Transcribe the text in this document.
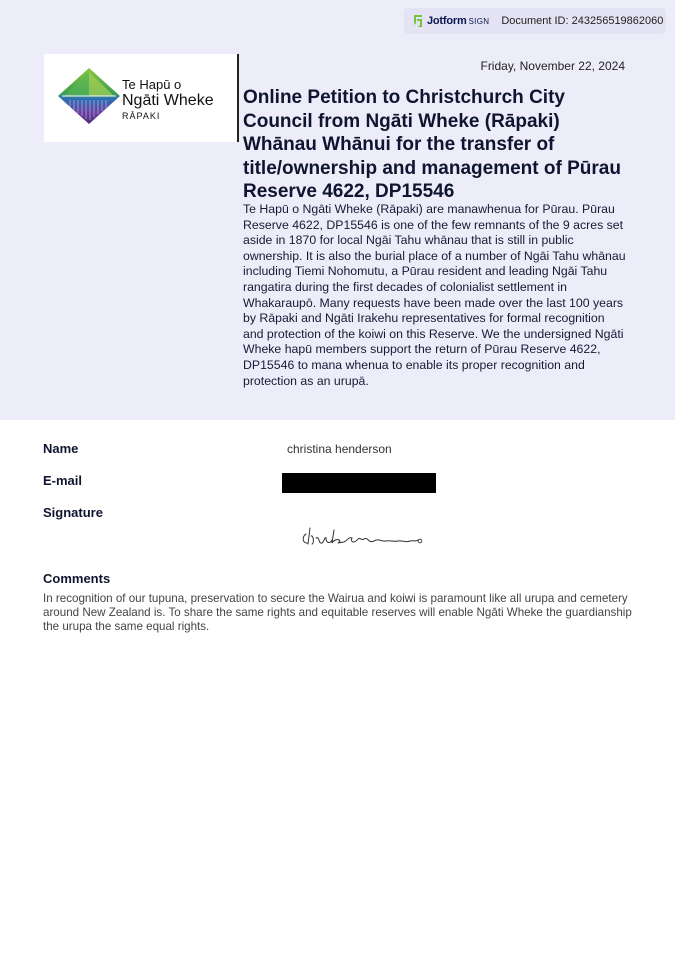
Jotform SIGN Document ID: 243256519862060
Te Hapū o
Ngāti Wheke
RĀPAKI
Friday, November 22, 2024
Online Petition to Christchurch City Council from Ngāti Wheke (Rāpaki) Whānau Whānui for the transfer of title/ownership and management of Pūrau Reserve 4622, DP15546

Te Hapū o Ngāti Wheke (Rāpaki) are manawhenua for Pūrau. Pūrau Reserve 4622, DP15546 is one of the few remnants of the 9 acres set aside in 1870 for local Ngāi Tahu whānau that is still in public ownership. It is also the burial place of a number of Ngāi Tahu whānau including Tiemi Nohomutu, a Pūrau resident and leading Ngāi Tahu rangatira during the first decades of colonialist settlement in Whakaraupō. Many requests have been made over the last 100 years by Rāpaki and Ngāti Irakehu representatives for formal recognition and protection of the koiwi on this Reserve. We the undersigned Ngāti Wheke hapū members support the return of Pūrau Reserve 4622, DP15546 to mana whenua to enable its proper recognition and protection as an urupā.

Name	christina henderson
E-mail
Signature
Comments

In recognition of our tupuna, preservation to secure the Wairua and koiwi is paramount like all urupa and cemetery around New Zealand is. To share the same rights and equitable reserves will enable Ngāti Wheke the guardianship the urupa the same equal rights.
